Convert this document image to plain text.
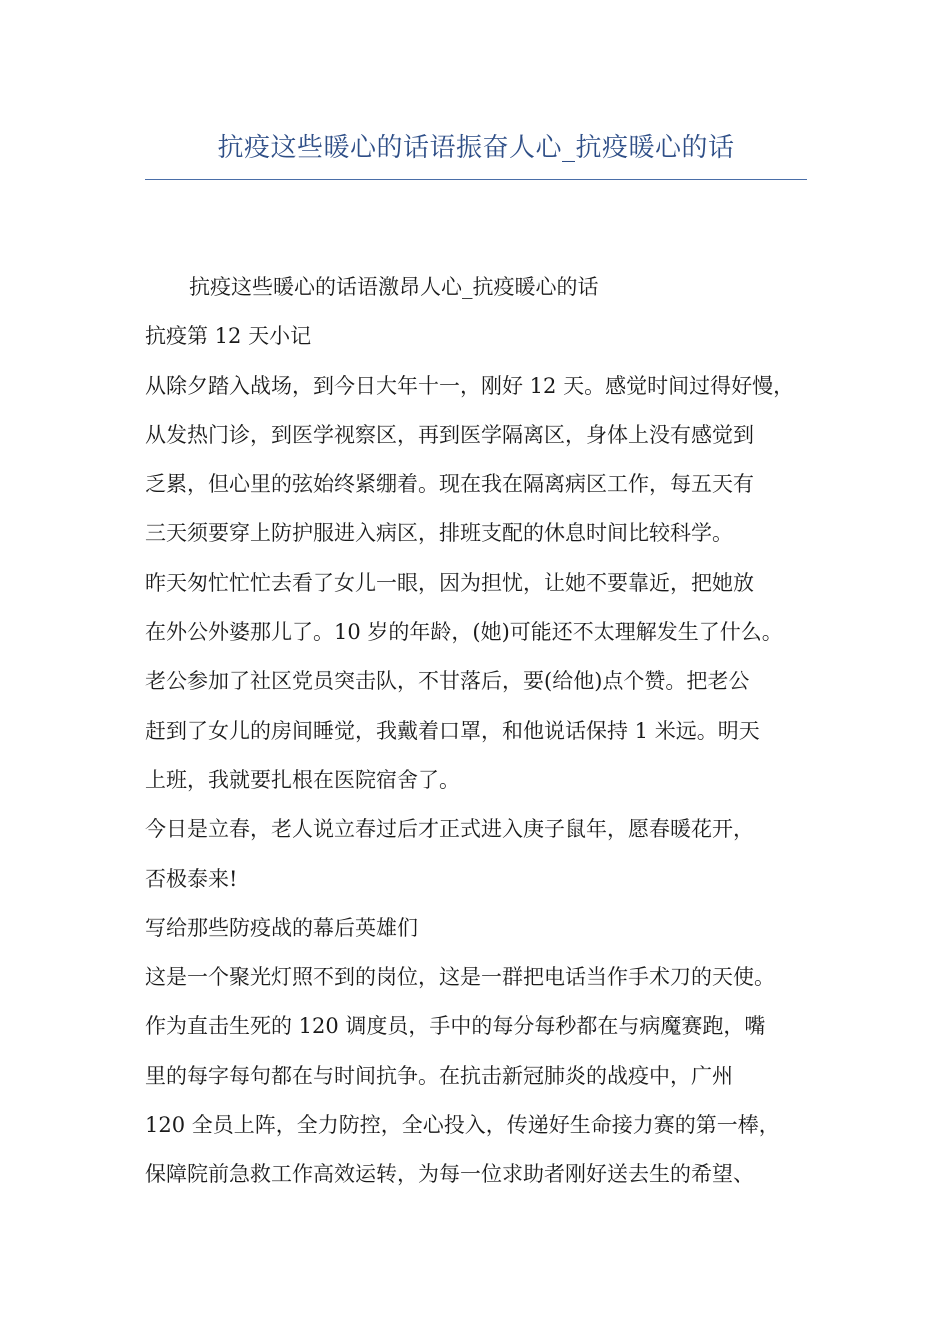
抗疫这些暖心的话语振奋人心_抗疫暖心的话
抗疫这些暖心的话语激昂人心_抗疫暖心的话
抗疫第 12 天小记
从除夕踏入战场，到今日大年十一，刚好 12 天。感觉时间过得好慢，
从发热门诊，到医学视察区，再到医学隔离区，身体上没有感觉到
乏累，但心里的弦始终紧绷着。现在我在隔离病区工作，每五天有
三天须要穿上防护服进入病区，排班支配的休息时间比较科学。
昨天匆忙忙忙去看了女儿一眼，因为担忧，让她不要靠近，把她放
在外公外婆那儿了。10 岁的年龄，(她)可能还不太理解发生了什么。
老公参加了社区党员突击队，不甘落后，要(给他)点个赞。把老公
赶到了女儿的房间睡觉，我戴着口罩，和他说话保持 1 米远。明天
上班，我就要扎根在医院宿舍了。
今日是立春，老人说立春过后才正式进入庚子鼠年，愿春暖花开，
否极泰来!
写给那些防疫战的幕后英雄们
这是一个聚光灯照不到的岗位，这是一群把电话当作手术刀的天使。
作为直击生死的 120 调度员，手中的每分每秒都在与病魔赛跑，嘴
里的每字每句都在与时间抗争。在抗击新冠肺炎的战疫中，广州
120 全员上阵，全力防控，全心投入，传递好生命接力赛的第一棒，
保障院前急救工作高效运转，为每一位求助者刚好送去生的希望、
